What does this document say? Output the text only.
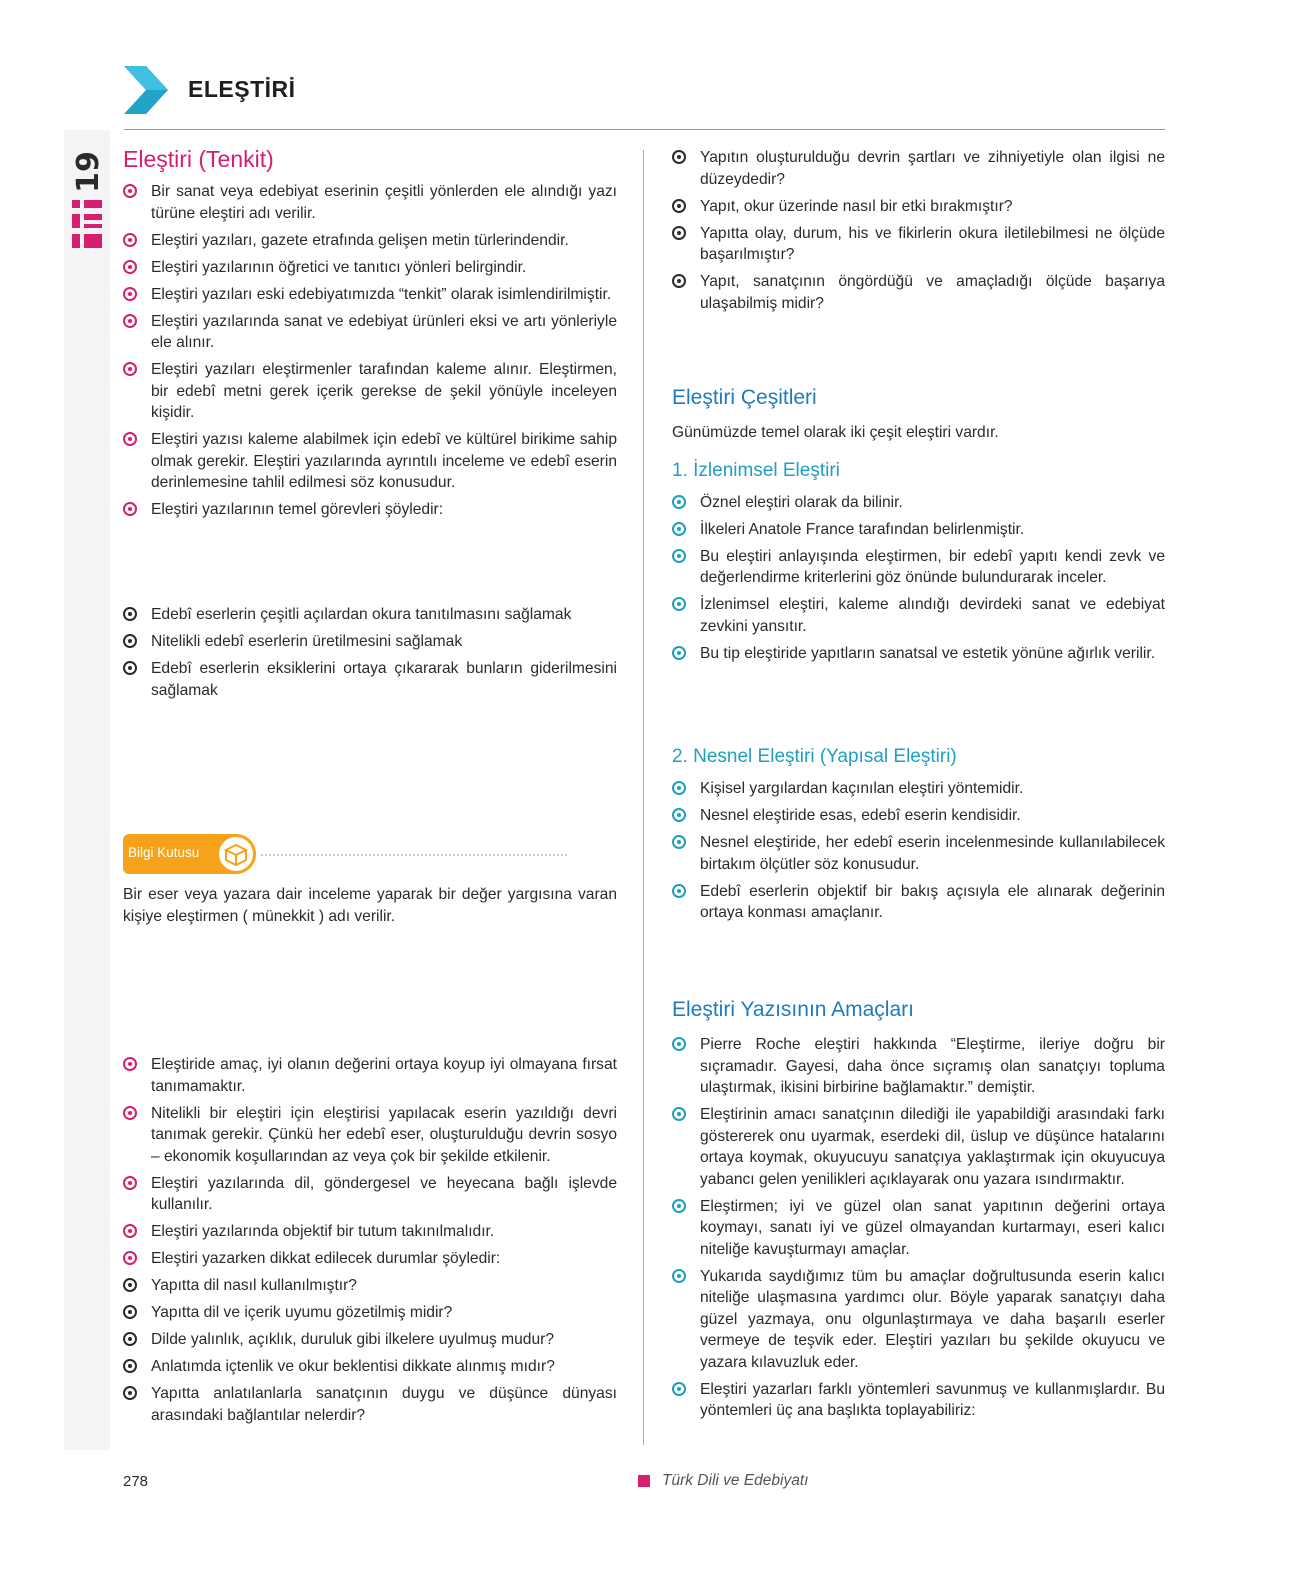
19
ELEŞTİRİ
Eleştiri (Tenkit)
Bir sanat veya edebiyat eserinin çeşitli yönlerden ele alındığı yazı türüne eleştiri adı verilir.
Eleştiri yazıları, gazete etrafında gelişen metin türlerindendir.
Eleştiri yazılarının öğretici ve tanıtıcı yönleri belirgindir.
Eleştiri yazıları eski edebiyatımızda “tenkit” olarak isimlendirilmiştir.
Eleştiri yazılarında sanat ve edebiyat ürünleri eksi ve artı yönleriyle ele alınır.
Eleştiri yazıları eleştirmenler tarafından kaleme alınır. Eleştirmen, bir edebî metni gerek içerik gerekse de şekil yönüyle inceleyen kişidir.
Eleştiri yazısı kaleme alabilmek için edebî ve kültürel birikime sahip olmak gerekir. Eleştiri yazılarında ayrıntılı inceleme ve edebî eserin derinlemesine tahlil edilmesi söz konusudur.
Eleştiri yazılarının temel görevleri şöyledir:
Edebî eserlerin çeşitli açılardan okura tanıtılmasını sağlamak
Nitelikli edebî eserlerin üretilmesini sağlamak
Edebî eserlerin eksiklerini ortaya çıkararak bunların giderilmesini sağlamak
Bilgi Kutusu

Bir eser veya yazara dair inceleme yaparak bir değer yargısına varan kişiye eleştirmen ( münekkit ) adı verilir.

Eleştiride amaç, iyi olanın değerini ortaya koyup iyi olmayana fırsat tanımamaktır.
Nitelikli bir eleştiri için eleştirisi yapılacak eserin yazıldığı devri tanımak gerekir. Çünkü her edebî eser, oluşturulduğu devrin sosyo – ekonomik koşullarından az veya çok bir şekilde etkilenir.
Eleştiri yazılarında dil, göndergesel ve heyecana bağlı işlevde kullanılır.
Eleştiri yazılarında objektif bir tutum takınılmalıdır.
Eleştiri yazarken dikkat edilecek durumlar şöyledir:
Yapıtta dil nasıl kullanılmıştır?
Yapıtta dil ve içerik uyumu gözetilmiş midir?
Dilde yalınlık, açıklık, duruluk gibi ilkelere uyulmuş mudur?
Anlatımda içtenlik ve okur beklentisi dikkate alınmış mıdır?
Yapıtta anlatılanlarla sanatçının duygu ve düşünce dünyası arasındaki bağlantılar nelerdir?
Yapıtın oluşturulduğu devrin şartları ve zihniyetiyle olan ilgisi ne düzeydedir?
Yapıt, okur üzerinde nasıl bir etki bırakmıştır?
Yapıtta olay, durum, his ve fikirlerin okura iletilebilmesi ne ölçüde başarılmıştır?
Yapıt, sanatçının öngördüğü ve amaçladığı ölçüde başarıya ulaşabilmiş midir?
Eleştiri Çeşitleri

Günümüzde temel olarak iki çeşit eleştiri vardır.

1. İzlenimsel Eleştiri
Öznel eleştiri olarak da bilinir.
İlkeleri Anatole France tarafından belirlenmiştir.
Bu eleştiri anlayışında eleştirmen, bir edebî yapıtı kendi zevk ve değerlendirme kriterlerini göz önünde bulundurarak inceler.
İzlenimsel eleştiri, kaleme alındığı devirdeki sanat ve edebiyat zevkini yansıtır.
Bu tip eleştiride yapıtların sanatsal ve estetik yönüne ağırlık verilir.
2. Nesnel Eleştiri (Yapısal Eleştiri)
Kişisel yargılardan kaçınılan eleştiri yöntemidir.
Nesnel eleştiride esas, edebî eserin kendisidir.
Nesnel eleştiride, her edebî eserin incelenmesinde kullanılabilecek birtakım ölçütler söz konusudur.
Edebî eserlerin objektif bir bakış açısıyla ele alınarak değerinin ortaya konması amaçlanır.
Eleştiri Yazısının Amaçları
Pierre Roche eleştiri hakkında “Eleştirme, ileriye doğru bir sıçramadır. Gayesi, daha önce sıçramış olan sanatçıyı topluma ulaştırmak, ikisini birbirine bağlamaktır.” demiştir.
Eleştirinin amacı sanatçının dilediği ile yapabildiği arasındaki farkı göstererek onu uyarmak, eserdeki dil, üslup ve düşünce hatalarını ortaya koymak, okuyucuyu sanatçıya yaklaştırmak için okuyucuya yabancı gelen yenilikleri açıklayarak onu yazara ısındırmaktır.
Eleştirmen; iyi ve güzel olan sanat yapıtının değerini ortaya koymayı, sanatı iyi ve güzel olmayandan kurtarmayı, eseri kalıcı niteliğe kavuşturmayı amaçlar.
Yukarıda saydığımız tüm bu amaçlar doğrultusunda eserin kalıcı niteliğe ulaşmasına yardımcı olur. Böyle yaparak sanatçıyı daha güzel yazmaya, onu olgunlaştırmaya ve daha başarılı eserler vermeye de teşvik eder. Eleştiri yazıları bu şekilde okuyucu ve yazara kılavuzluk eder.
Eleştiri yazarları farklı yöntemleri savunmuş ve kullanmışlardır. Bu yöntemleri üç ana başlıkta toplayabiliriz:
278	Türk Dili ve Edebiyatı
